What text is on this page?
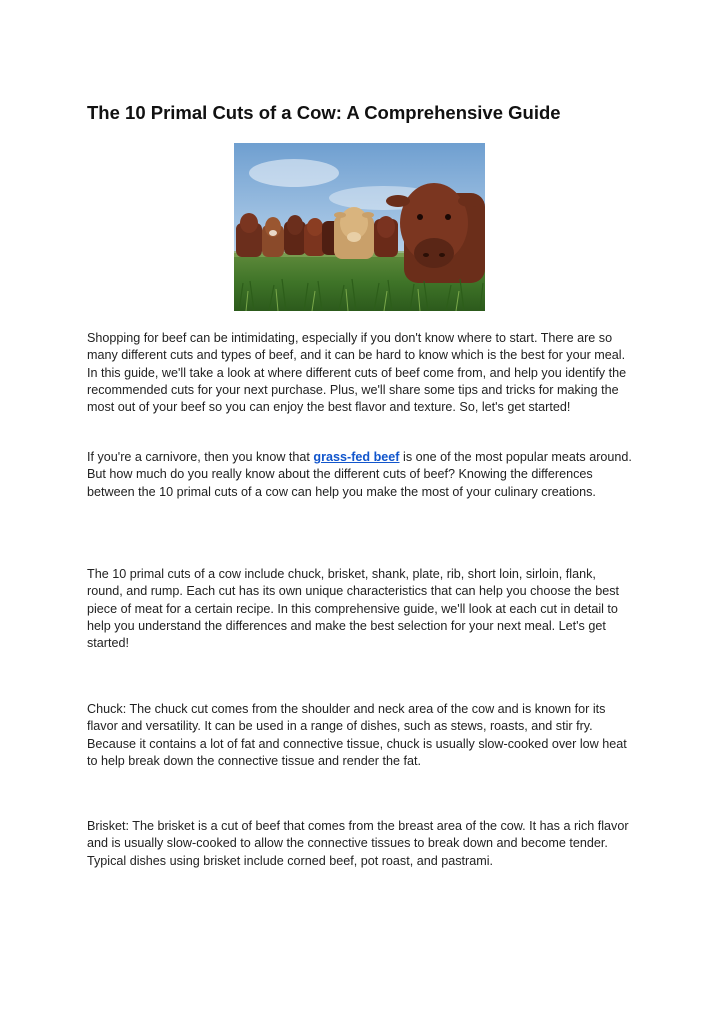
The 10 Primal Cuts of a Cow: A Comprehensive Guide

Shopping for beef can be intimidating, especially if you don't know where to start. There are so many different cuts and types of beef, and it can be hard to know which is the best for your meal. In this guide, we'll take a look at where different cuts of beef come from, and help you identify the recommended cuts for your next purchase. Plus, we'll share some tips and tricks for making the most out of your beef so you can enjoy the best flavor and texture. So, let's get started!

If you're a carnivore, then you know that grass-fed beef is one of the most popular meats around. But how much do you really know about the different cuts of beef? Knowing the differences between the 10 primal cuts of a cow can help you make the most of your culinary creations.

The 10 primal cuts of a cow include chuck, brisket, shank, plate, rib, short loin, sirloin, flank, round, and rump. Each cut has its own unique characteristics that can help you choose the best piece of meat for a certain recipe. In this comprehensive guide, we'll look at each cut in detail to help you understand the differences and make the best selection for your next meal. Let's get started!

Chuck: The chuck cut comes from the shoulder and neck area of the cow and is known for its flavor and versatility. It can be used in a range of dishes, such as stews, roasts, and stir fry. Because it contains a lot of fat and connective tissue, chuck is usually slow-cooked over low heat to help break down the connective tissue and render the fat.

Brisket: The brisket is a cut of beef that comes from the breast area of the cow. It has a rich flavor and is usually slow-cooked to allow the connective tissues to break down and become tender. Typical dishes using brisket include corned beef, pot roast, and pastrami.
